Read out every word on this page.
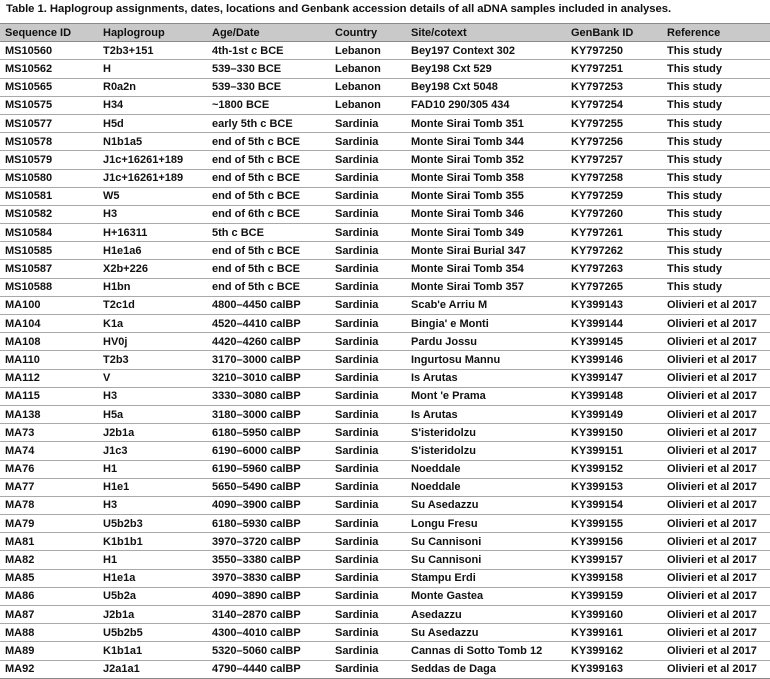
Table 1. Haplogroup assignments, dates, locations and Genbank accession details of all aDNA samples included in analyses.
Sequence ID	Haplogroup	Age/Date	Country	Site/cotext	GenBank ID	Reference
MS10560	T2b3+151	4th-1st c BCE	Lebanon	Bey197 Context 302	KY797250	This study
MS10562	H	539–330 BCE	Lebanon	Bey198 Cxt 529	KY797251	This study
MS10565	R0a2n	539–330 BCE	Lebanon	Bey198 Cxt 5048	KY797253	This study
MS10575	H34	~1800 BCE	Lebanon	FAD10 290/305 434	KY797254	This study
MS10577	H5d	early 5th c BCE	Sardinia	Monte Sirai Tomb 351	KY797255	This study
MS10578	N1b1a5	end of 5th c BCE	Sardinia	Monte Sirai Tomb 344	KY797256	This study
MS10579	J1c+16261+189	end of 5th c BCE	Sardinia	Monte Sirai Tomb 352	KY797257	This study
MS10580	J1c+16261+189	end of 5th c BCE	Sardinia	Monte Sirai Tomb 358	KY797258	This study
MS10581	W5	end of 5th c BCE	Sardinia	Monte Sirai Tomb 355	KY797259	This study
MS10582	H3	end of 6th c BCE	Sardinia	Monte Sirai Tomb 346	KY797260	This study
MS10584	H+16311	5th c BCE	Sardinia	Monte Sirai Tomb 349	KY797261	This study
MS10585	H1e1a6	end of 5th c BCE	Sardinia	Monte Sirai Burial 347	KY797262	This study
MS10587	X2b+226	end of 5th c BCE	Sardinia	Monte Sirai Tomb 354	KY797263	This study
MS10588	H1bn	end of 5th c BCE	Sardinia	Monte Sirai Tomb 357	KY797265	This study
MA100	T2c1d	4800–4450 calBP	Sardinia	Scab'e Arriu M	KY399143	Olivieri et al 2017
MA104	K1a	4520–4410 calBP	Sardinia	Bingia' e Monti	KY399144	Olivieri et al 2017
MA108	HV0j	4420–4260 calBP	Sardinia	Pardu Jossu	KY399145	Olivieri et al 2017
MA110	T2b3	3170–3000 calBP	Sardinia	Ingurtosu Mannu	KY399146	Olivieri et al 2017
MA112	V	3210–3010 calBP	Sardinia	Is Arutas	KY399147	Olivieri et al 2017
MA115	H3	3330–3080 calBP	Sardinia	Mont 'e Prama	KY399148	Olivieri et al 2017
MA138	H5a	3180–3000 calBP	Sardinia	Is Arutas	KY399149	Olivieri et al 2017
MA73	J2b1a	6180–5950 calBP	Sardinia	S'isteridolzu	KY399150	Olivieri et al 2017
MA74	J1c3	6190–6000 calBP	Sardinia	S'isteridolzu	KY399151	Olivieri et al 2017
MA76	H1	6190–5960 calBP	Sardinia	Noeddale	KY399152	Olivieri et al 2017
MA77	H1e1	5650–5490 calBP	Sardinia	Noeddale	KY399153	Olivieri et al 2017
MA78	H3	4090–3900 calBP	Sardinia	Su Asedazzu	KY399154	Olivieri et al 2017
MA79	U5b2b3	6180–5930 calBP	Sardinia	Longu Fresu	KY399155	Olivieri et al 2017
MA81	K1b1b1	3970–3720 calBP	Sardinia	Su Cannisoni	KY399156	Olivieri et al 2017
MA82	H1	3550–3380 calBP	Sardinia	Su Cannisoni	KY399157	Olivieri et al 2017
MA85	H1e1a	3970–3830 calBP	Sardinia	Stampu Erdi	KY399158	Olivieri et al 2017
MA86	U5b2a	4090–3890 calBP	Sardinia	Monte Gastea	KY399159	Olivieri et al 2017
MA87	J2b1a	3140–2870 calBP	Sardinia	Asedazzu	KY399160	Olivieri et al 2017
MA88	U5b2b5	4300–4010 calBP	Sardinia	Su Asedazzu	KY399161	Olivieri et al 2017
MA89	K1b1a1	5320–5060 calBP	Sardinia	Cannas di Sotto Tomb 12	KY399162	Olivieri et al 2017
MA92	J2a1a1	4790–4440 calBP	Sardinia	Seddas de Daga	KY399163	Olivieri et al 2017
